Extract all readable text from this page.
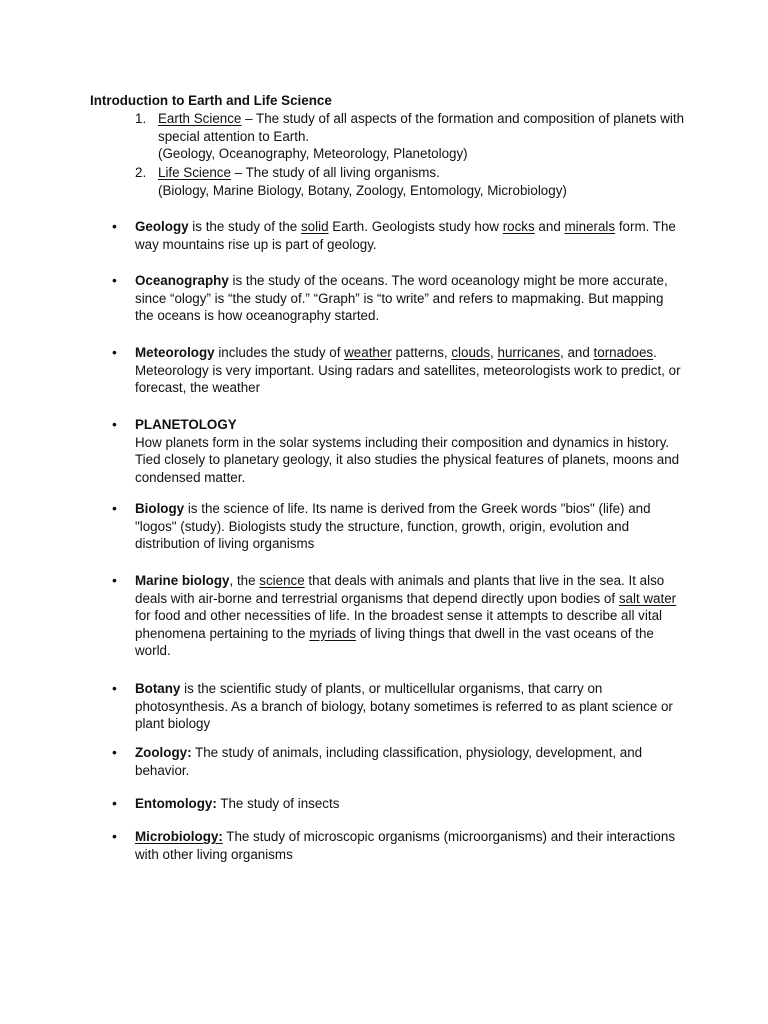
Introduction to Earth and Life Science
1. Earth Science – The study of all aspects of the formation and composition of planets with special attention to Earth.
(Geology, Oceanography, Meteorology, Planetology)
2. Life Science – The study of all living organisms.
(Biology, Marine Biology, Botany, Zoology, Entomology, Microbiology)
• Geology is the study of the solid Earth. Geologists study how rocks and minerals form. The way mountains rise up is part of geology.
• Oceanography is the study of the oceans. The word oceanology might be more accurate, since “ology” is “the study of.” “Graph” is “to write” and refers to mapmaking. But mapping the oceans is how oceanography started.
• Meteorology includes the study of weather patterns, clouds, hurricanes, and tornadoes. Meteorology is very important. Using radars and satellites, meteorologists work to predict, or forecast, the weather
• PLANETOLOGY
How planets form in the solar systems including their composition and dynamics in history. Tied closely to planetary geology, it also studies the physical features of planets, moons and condensed matter.
• Biology is the science of life. Its name is derived from the Greek words "bios" (life) and "logos" (study). Biologists study the structure, function, growth, origin, evolution and distribution of living organisms
• Marine biology, the science that deals with animals and plants that live in the sea. It also deals with air-borne and terrestrial organisms that depend directly upon bodies of salt water for food and other necessities of life. In the broadest sense it attempts to describe all vital phenomena pertaining to the myriads of living things that dwell in the vast oceans of the world.
• Botany is the scientific study of plants, or multicellular organisms, that carry on photosynthesis. As a branch of biology, botany sometimes is referred to as plant science or plant biology
• Zoology: The study of animals, including classification, physiology, development, and behavior.
• Entomology: The study of insects
• Microbiology: The study of microscopic organisms (microorganisms) and their interactions with other living organisms
